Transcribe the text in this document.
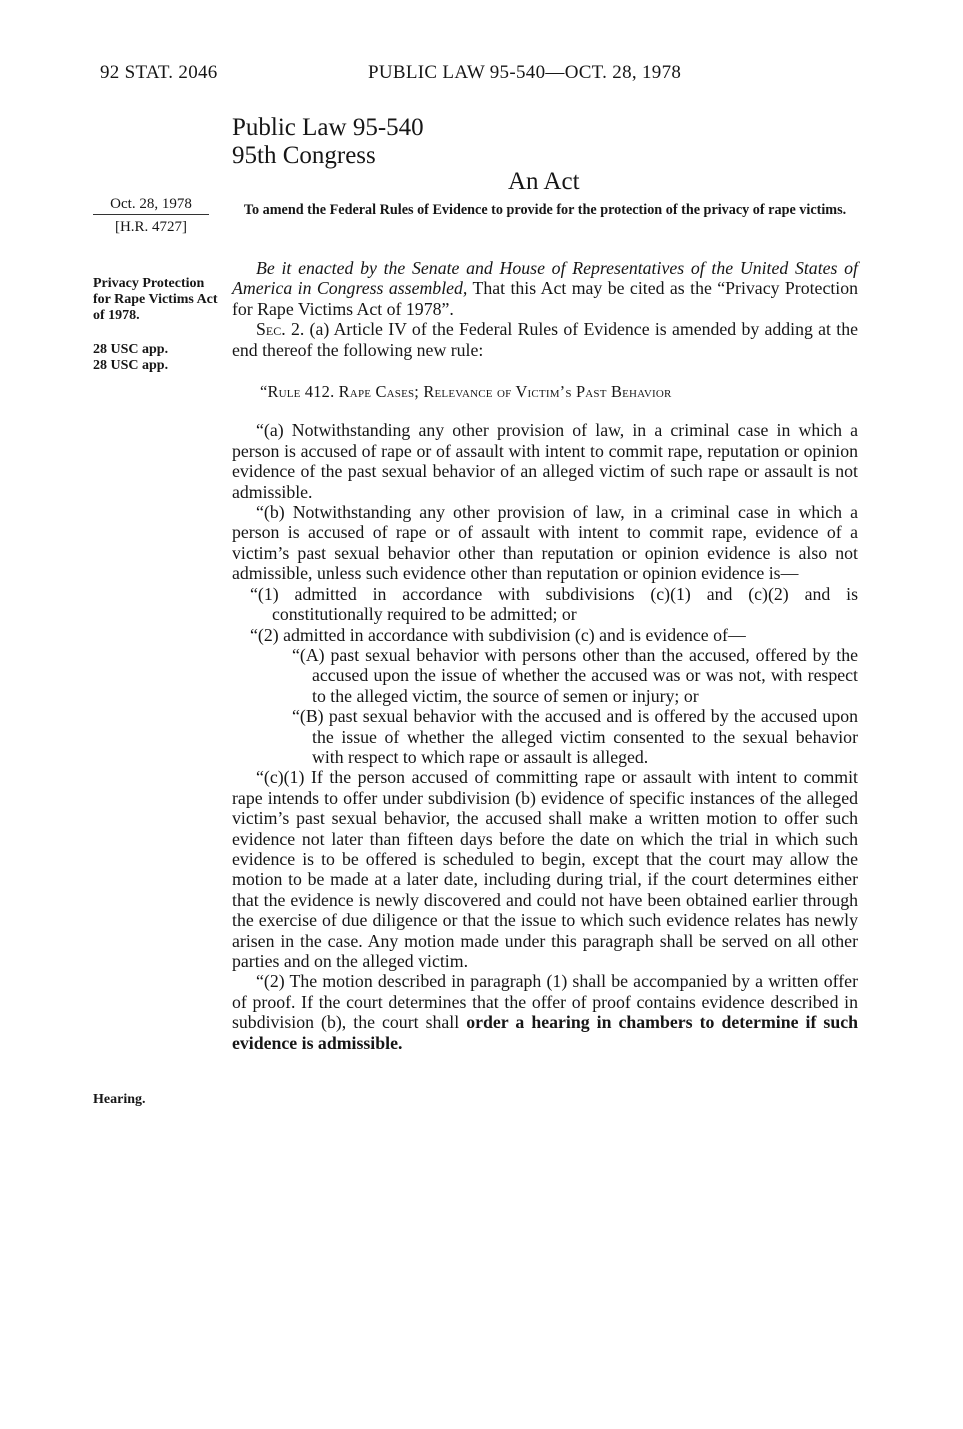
92 STAT. 2046	PUBLIC LAW 95-540—OCT. 28, 1978
Public Law 95-540
95th Congress
An Act
To amend the Federal Rules of Evidence to provide for the protection of the privacy of rape victims.
Oct. 28, 1978
[H.R. 4727]
Privacy Protection for Rape Victims Act of 1978.
28 USC app.
28 USC app.
Hearing.

Be it enacted by the Senate and House of Representatives of the United States of America in Congress assembled, That this Act may be cited as the “Privacy Protection for Rape Victims Act of 1978”.

Sec. 2. (a) Article IV of the Federal Rules of Evidence is amended by adding at the end thereof the following new rule:

“Rule 412. Rape Cases; Relevance of Victim’s Past Behavior

“(a) Notwithstanding any other provision of law, in a criminal case in which a person is accused of rape or of assault with intent to commit rape, reputation or opinion evidence of the past sexual behavior of an alleged victim of such rape or assault is not admissible.

“(b) Notwithstanding any other provision of law, in a criminal case in which a person is accused of rape or of assault with intent to commit rape, evidence of a victim’s past sexual behavior other than reputation or opinion evidence is also not admissible, unless such evidence other than reputation or opinion evidence is—

“(1) admitted in accordance with subdivisions (c)(1) and (c)(2) and is constitutionally required to be admitted; or

“(2) admitted in accordance with subdivision (c) and is evidence of—

“(A) past sexual behavior with persons other than the accused, offered by the accused upon the issue of whether the accused was or was not, with respect to the alleged victim, the source of semen or injury; or

“(B) past sexual behavior with the accused and is offered by the accused upon the issue of whether the alleged victim consented to the sexual behavior with respect to which rape or assault is alleged.

“(c)(1) If the person accused of committing rape or assault with intent to commit rape intends to offer under subdivision (b) evidence of specific instances of the alleged victim’s past sexual behavior, the accused shall make a written motion to offer such evidence not later than fifteen days before the date on which the trial in which such evidence is to be offered is scheduled to begin, except that the court may allow the motion to be made at a later date, including during trial, if the court determines either that the evidence is newly discovered and could not have been obtained earlier through the exercise of due diligence or that the issue to which such evidence relates has newly arisen in the case. Any motion made under this paragraph shall be served on all other parties and on the alleged victim.

“(2) The motion described in paragraph (1) shall be accompanied by a written offer of proof. If the court determines that the offer of proof contains evidence described in subdivision (b), the court shall order a hearing in chambers to determine if such evidence is admissible.
